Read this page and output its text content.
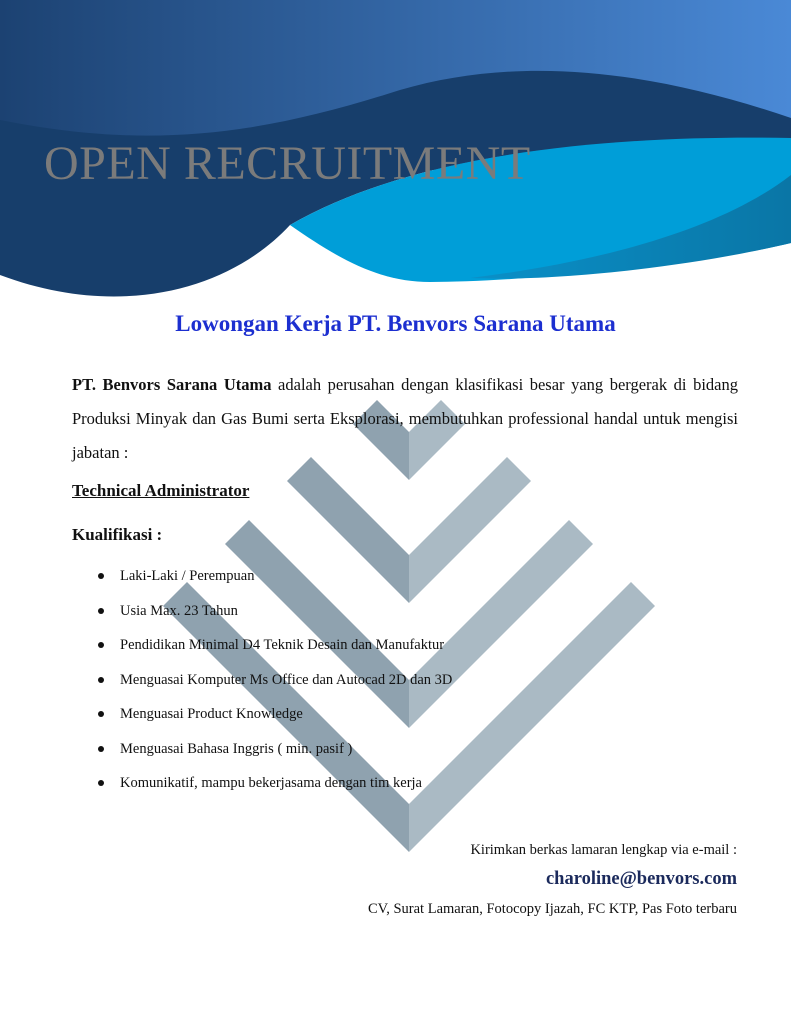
OPEN RECRUITMENT
Lowongan Kerja PT. Benvors Sarana Utama
PT. Benvors Sarana Utama adalah perusahan dengan klasifikasi besar yang bergerak di bidang Produksi Minyak dan Gas Bumi serta Eksplorasi, membutuhkan professional handal untuk mengisi jabatan :
Technical Administrator
Kualifikasi :
Laki-Laki / Perempuan
Usia Max. 23 Tahun
Pendidikan Minimal D4 Teknik Desain dan Manufaktur
Menguasai Komputer Ms Office dan Autocad 2D dan 3D
Menguasai Product Knowledge
Menguasai Bahasa Inggris ( min. pasif )
Komunikatif, mampu bekerjasama dengan tim kerja
Kirimkan berkas lamaran lengkap via e-mail :
charoline@benvors.com
CV, Surat Lamaran, Fotocopy Ijazah, FC KTP, Pas Foto terbaru
